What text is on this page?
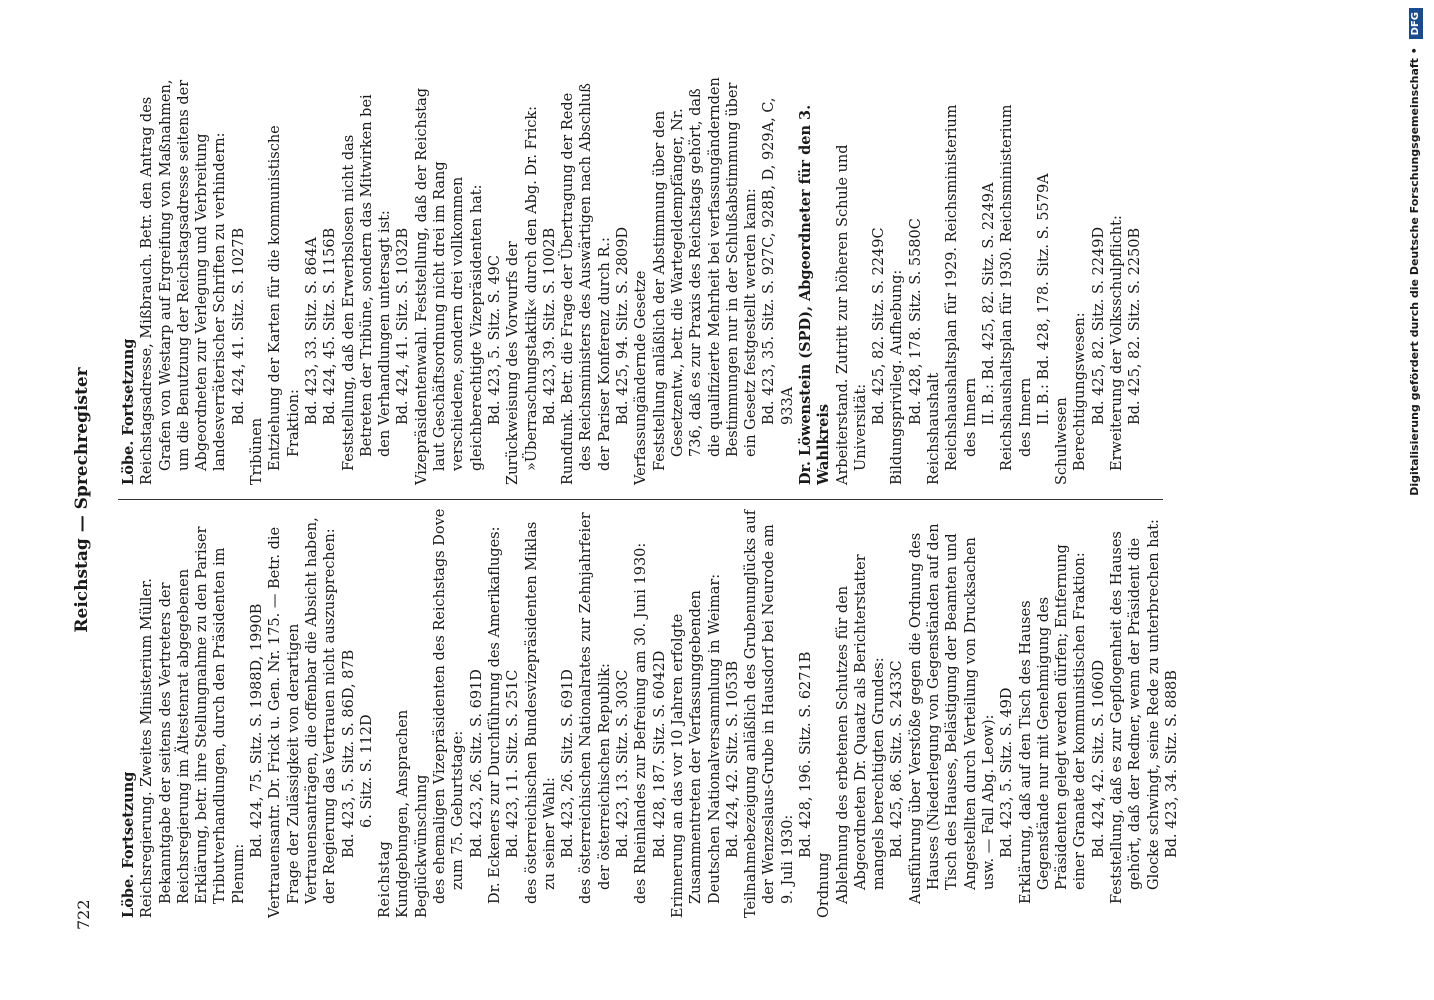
722
Reichstag — Sprechregister
Löbe. Fortsetzung Reichsregierung. Zweites Ministerium Müller. Bekanntgabe der seitens des Vertreters der Reichsregierung im Ältestenrat abgegebenen Erklärung, betr. ihre Stellungnahme zu den Pariser Tributverhandlungen, durch den Präsidenten im Plenum:
Bd. 424, 75. Sitz. S. 1988D, 1990B Vertrauensantr. Dr. Frick u. Gen. Nr. 175. — Betr. die Frage der Zulässigkeit von derartigen Vertrauensanträgen, die offenbar die Absicht haben, der Regierung das Vertrauen nicht auszusprechen: Bd. 423, 5. Sitz. S. 86D, 87B 6. Sitz. S. 112D
Reichstag Kundgebungen, Ansprachen Beglückwünschung des ehemaligen Vizepräsidenten des Reichstags Dove zum 75. Geburtstage: Bd. 423, 26. Sitz. S. 691D Dr. Eckeners zur Durchführung des Amerikafluges: Bd. 423, 11. Sitz. S. 251C des österreichischen Bundesvizepräsidenten Miklas zu seiner Wahl: Bd. 423, 26. Sitz. S. 691D des österreichischen Nationalrates zur Zehnjahrfeier der österreichischen Republik: Bd. 423, 13. Sitz. S. 303C des Rheinlandes zur Befreiung am 30. Juni 1930: Bd. 428, 187. Sitz. S. 6042D Erinnerung an das vor 10 Jahren erfolgte Zusammentreten der Verfassunggebenden Deutschen Nationalversammlung in Weimar: Bd. 424, 42. Sitz. S. 1053B Teilnahmebezeigung anläßlich des Grubenunglücks auf der Wenzeslaus-Grube in Hausdorf bei Neurode am 9. Juli 1930:
Bd. 428, 196. Sitz. S. 6271B
Ordnung Ablehnung des erbetenen Schutzes für den Abgeordneten Dr. Quaatz als Berichterstatter mangels berechtigten Grundes: Bd. 425, 86. Sitz. S. 2433C Ausführung über Verstöße gegen die Ordnung des Hauses (Niederlegung von Gegenständen auf den Tisch des Hauses, Belästigung der Beamten und Angestellten durch Verteilung von Drucksachen usw. — Fall Abg. Leow): Bd. 423, 5. Sitz. S. 49D Erklärung, daß auf den Tisch des Hauses Gegenstände nur mit Genehmigung des Präsidenten gelegt werden dürfen; Entfernung einer Granate der kommunistischen Fraktion: Bd. 424, 42. Sitz. S. 1060D Feststellung, daß es zur Gepflogenheit des Hauses gehört, daß der Redner, wenn der Präsident die Glocke schwingt, seine Rede zu unterbrechen hat: Bd. 423, 34. Sitz. S. 888B
Löbe. Fortsetzung Reichstagsadresse, Mißbrauch. Betr. den Antrag des Grafen von Westarp auf Ergreifung von Maßnahmen, um die Benutzung der Reichstagsadresse seitens der Abgeordneten zur Verlegung und Verbreitung landesverräterischer Schriften zu verhindern: Bd. 424, 41. Sitz. S. 1027B
Tribünen Entziehung der Karten für die kommunistische Fraktion: Bd. 423, 33. Sitz. S. 864A Bd. 424, 45. Sitz. S. 1156B Feststellung, daß den Erwerbslosen nicht das Betreten der Tribüne, sondern das Mitwirken bei den Verhandlungen untersagt ist: Bd. 424, 41. Sitz. S. 1032B Vizepräsidentenwahl. Feststellung, daß der Reichstag laut Geschäftsordnung nicht drei im Rang verschiedene, sondern drei vollkommen gleichberechtigte Vizepräsidenten hat: Bd. 423, 5. Sitz. S. 49C Zurückweisung des Vorwurfs der »Überraschungstaktik« durch den Abg. Dr. Frick: Bd. 423, 39. Sitz. S. 1002B Rundfunk. Betr. die Frage der Übertragung der Rede des Reichsministers des Auswärtigen nach Abschluß der Pariser Konferenz durch R.: Bd. 425, 94. Sitz. S. 2809D Verfassungändernde Gesetze Feststellung anläßlich der Abstimmung über den Gesetzentw., betr. die Wartegeldempfänger, Nr. 736, daß es zur Praxis des Reichstags gehört, daß die qualifizierte Mehrheit bei verfassungändernden Bestimmungen nur in der Schlußabstimmung über ein Gesetz festgestellt werden kann: Bd. 423, 35. Sitz. S. 927C, 928B, D, 929A, C, 933A Dr. Löwenstein (SPD), Abgeordneter für den 3. Wahlkreis Arbeiterstand. Zutritt zur höheren Schule und Universität:
Bd. 425, 82. Sitz. S. 2249C Bildungsprivileg. Aufhebung: Bd. 428, 178. Sitz. S. 5580C
Reichshaushalt Reichshaushaltsplan für 1929. Reichsministerium des Innern II. B.: Bd. 425, 82. Sitz. S. 2249A Reichshaushaltsplan für 1930. Reichsministerium des Innern II. B.: Bd. 428, 178. Sitz. S. 5579A
Schulwesen Berechtigungswesen: Bd. 425, 82. Sitz. S. 2249D Erweiterung der Volksschulpflicht: Bd. 425, 82. Sitz. S. 2250B	Digitalisierung gefördert durch die Deutsche Forschungsgemeinschaft • DFG
